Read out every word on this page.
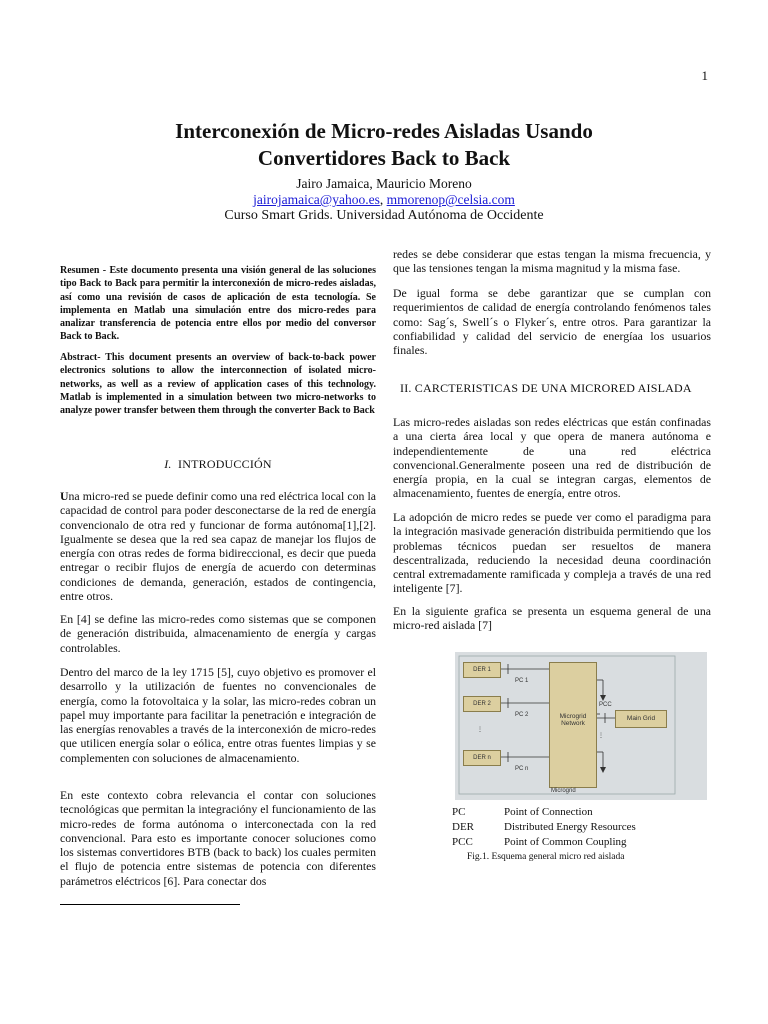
1
Interconexión de Micro-redes Aisladas Usando
Convertidores Back to Back
Jairo Jamaica, Mauricio Moreno
jairojamaica@yahoo.es, mmorenop@celsia.com
Curso Smart Grids. Universidad Autónoma de Occidente
Resumen - Este documento presenta una visión general de las soluciones tipo Back to Back para permitir la interconexión de micro-redes aisladas, así como una revisión de casos de aplicación de esta tecnología. Se implementa en Matlab una simulación entre dos micro-redes para analizar transferencia de potencia entre ellos por medio del conversor Back to Back.
Abstract- This document presents an overview of back-to-back power electronics solutions to allow the interconnection of isolated micro-networks, as well as a review of application cases of this technology. Matlab is implemented in a simulation between two micro-networks to analyze power transfer between them through the converter Back to Back
I. INTRODUCCIÓN

Una micro-red se puede definir como una red eléctrica local con la capacidad de control para poder desconectarse de la red de energía convencionalo de otra red y funcionar de forma autónoma[1],[2]. Igualmente se desea que la red sea capaz de manejar los flujos de energía con otras redes de forma bidireccional, es decir que pueda entregar o recibir flujos de energía de acuerdo con determinas condiciones de demanda, generación, estados de contingencia, entre otros.

En [4] se define las micro-redes como sistemas que se componen de generación distribuida, almacenamiento de energía y cargas controlables.
Dentro del marco de la ley 1715 [5], cuyo objetivo es promover el desarrollo y la utilización de fuentes no convencionales de energía, como la fotovoltaica y la solar, las micro-redes cobran un papel muy importante para facilitar la penetración e integración de las energías renovables a través de la interconexión de micro-redes que utilicen energía solar o eólica, entre otras fuentes limpias y se complementen con soluciones de almacenamiento.
En este contexto cobra relevancia el contar con soluciones tecnológicas que permitan la integracióny el funcionamiento de las micro-redes de forma autónoma o interconectada con la red convencional. Para esto es importante conocer soluciones como los sistemas convertidores BTB (back to back) los cuales permiten el flujo de potencia entre sistemas de potencia con diferentes parámetros eléctricos [6]. Para conectar dos
redes se debe considerar que estas tengan la misma frecuencia, y que las tensiones tengan la misma magnitud y la misma fase.
De igual forma se debe garantizar que se cumplan con requerimientos de calidad de energía controlando fenómenos tales como: Sag´s, Swell´s o Flyker´s, entre otros. Para garantizar la confiabilidad y calidad del servicio de energíaa los usuarios finales.
II. CARCTERISTICAS DE UNA MICRORED AISLADA
Las micro-redes aisladas son redes eléctricas que están confinadas a una cierta área local y que opera de manera autónoma e independientemente de una red eléctrica convencional.Generalmente poseen una red de distribución de energía propia, en la cual se integran cargas, elementos de almacenamiento, fuentes de energía, entre otros.
La adopción de micro redes se puede ver como el paradigma para la integración masivade generación distribuida permitiendo que los problemas técnicos puedan ser resueltos de manera descentralizada, reduciendo la necesidad deuna coordinación central extremadamente ramificada y compleja a través de una red inteligente [7].
En la siguiente grafica se presenta un esquema general de una micro-red aislada [7]
DER 1
DER 2
⋮
DER n
PC 1
PC 2
PC n
Microgrid
Network
⋮
PCC
Main Grid
Microgrid
PC	Point of Connection
DER	Distributed Energy Resources
PCC	Point of Common Coupling
Fig.1. Esquema general micro red aislada
